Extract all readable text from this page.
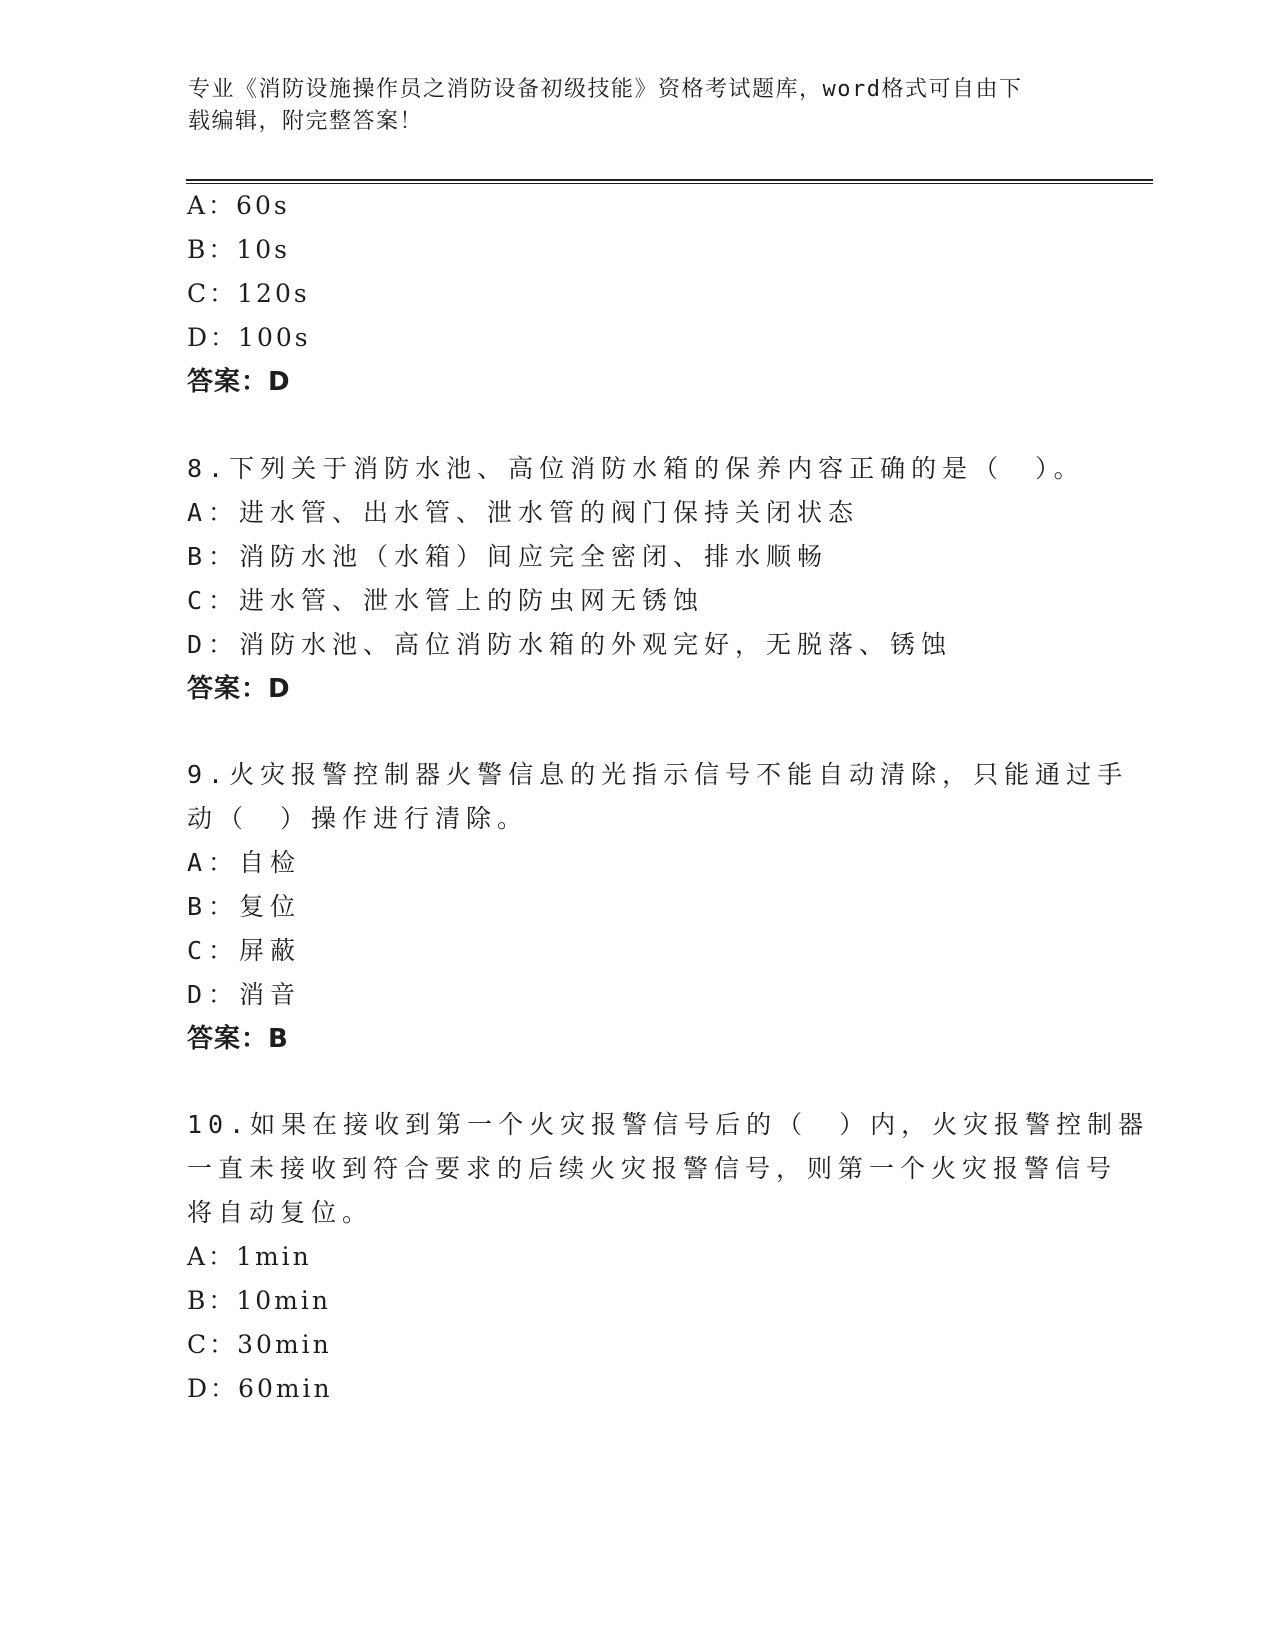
专业《消防设施操作员之消防设备初级技能》资格考试题库，word格式可自由下
载编辑，附完整答案！
A：60s
B：10s
C：120s
D：100s
答案：D
8.下列关于消防水池、高位消防水箱的保养内容正确的是（　）。
A：进水管、出水管、泄水管的阀门保持关闭状态
B：消防水池（水箱）间应完全密闭、排水顺畅
C：进水管、泄水管上的防虫网无锈蚀
D：消防水池、高位消防水箱的外观完好，无脱落、锈蚀
答案：D
9.火灾报警控制器火警信息的光指示信号不能自动清除，只能通过手
动（　）操作进行清除。
A：自检
B：复位
C：屏蔽
D：消音
答案：B
10.如果在接收到第一个火灾报警信号后的（　）内，火灾报警控制器
一直未接收到符合要求的后续火灾报警信号，则第一个火灾报警信号
将自动复位。
A：1min
B：10min
C：30min
D：60min
